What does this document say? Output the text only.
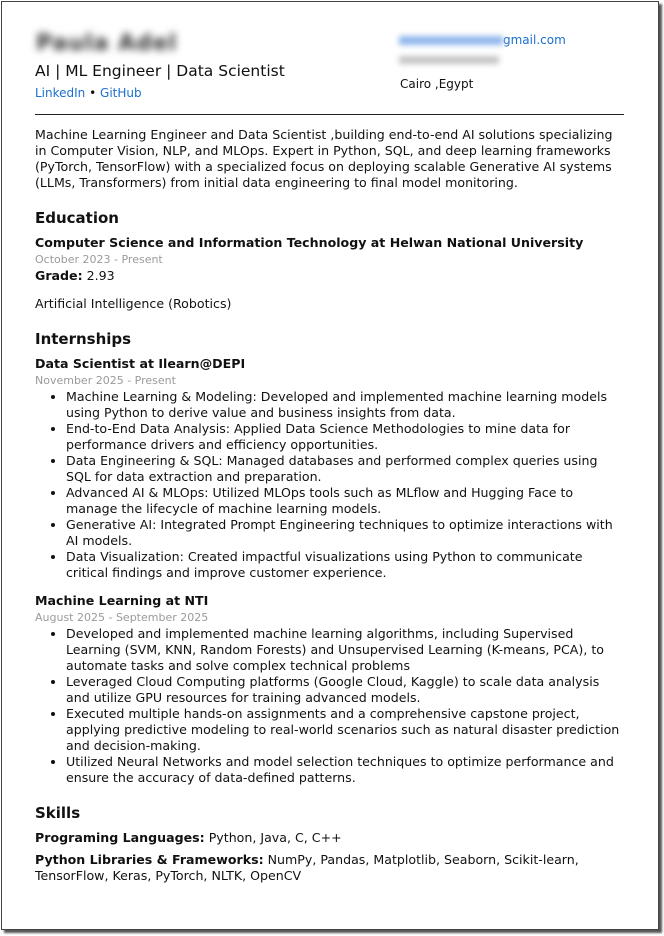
Paula Adel
AI | ML Engineer | Data Scientist
LinkedIn • GitHub
gmail.com
Cairo ,Egypt

Machine Learning Engineer and Data Scientist ,building end-to-end AI solutions specializing in Computer Vision, NLP, and MLOps. Expert in Python, SQL, and deep learning frameworks (PyTorch, TensorFlow) with a specialized focus on deploying scalable Generative AI systems (LLMs, Transformers) from initial data engineering to final model monitoring.

Education

Computer Science and Information Technology at Helwan National University

October 2023 - Present

Grade: 2.93

Artificial Intelligence (Robotics)

Internships

Data Scientist at Ilearn@DEPI

November 2025 - Present

• Machine Learning & Modeling: Developed and implemented machine learning models using Python to derive value and business insights from data.
• End-to-End Data Analysis: Applied Data Science Methodologies to mine data for performance drivers and efficiency opportunities.
• Data Engineering & SQL: Managed databases and performed complex queries using SQL for data extraction and preparation.
• Advanced AI & MLOps: Utilized MLOps tools such as MLflow and Hugging Face to manage the lifecycle of machine learning models.
• Generative AI: Integrated Prompt Engineering techniques to optimize interactions with AI models.
• Data Visualization: Created impactful visualizations using Python to communicate critical findings and improve customer experience.

Machine Learning at NTI

August 2025 - September 2025

• Developed and implemented machine learning algorithms, including Supervised Learning (SVM, KNN, Random Forests) and Unsupervised Learning (K-means, PCA), to automate tasks and solve complex technical problems
• Leveraged Cloud Computing platforms (Google Cloud, Kaggle) to scale data analysis and utilize GPU resources for training advanced models.
• Executed multiple hands-on assignments and a comprehensive capstone project, applying predictive modeling to real-world scenarios such as natural disaster prediction and decision-making.
• Utilized Neural Networks and model selection techniques to optimize performance and ensure the accuracy of data-defined patterns.
Skills

Programing Languages: Python, Java, C, C++

Python Libraries & Frameworks: NumPy, Pandas, Matplotlib, Seaborn, Scikit-learn, TensorFlow, Keras, PyTorch, NLTK, OpenCV
